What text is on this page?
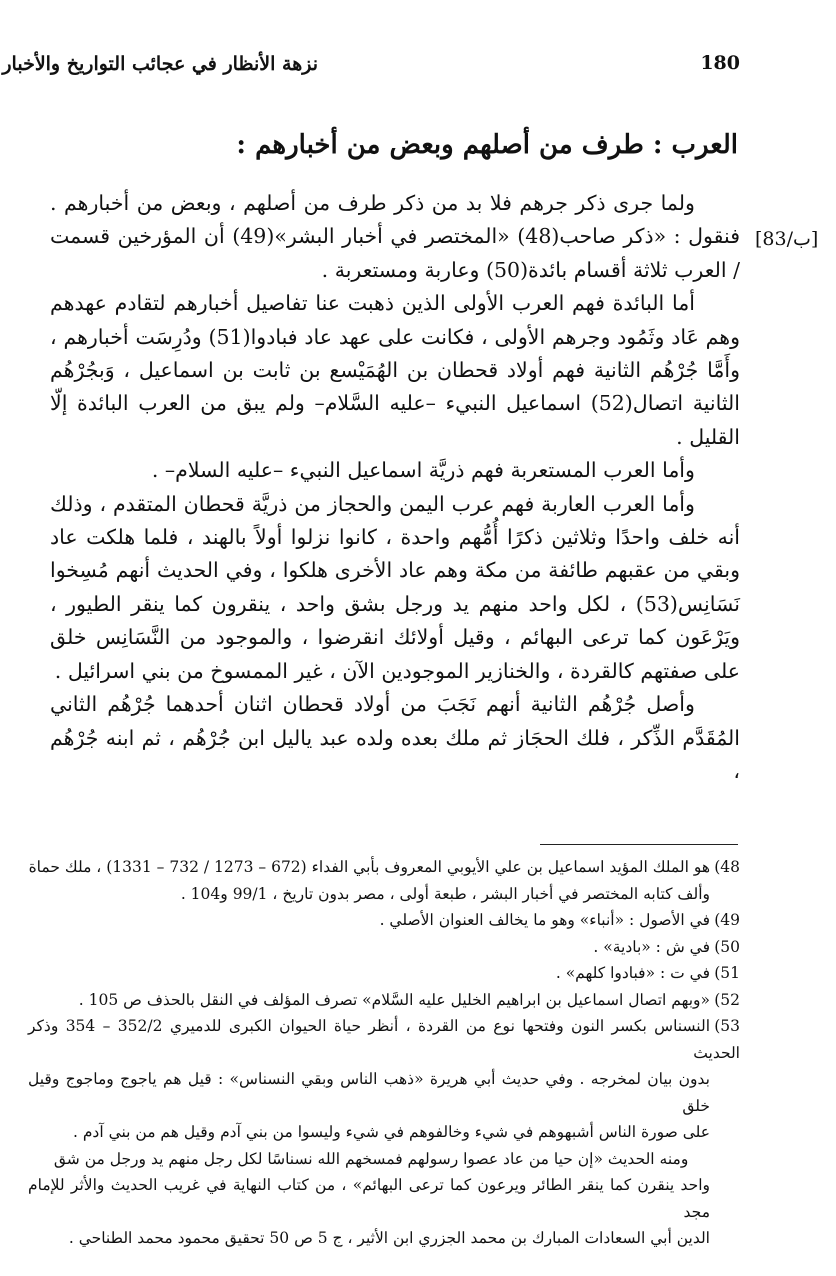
نزهة الأنظار في عجائب التواريخ والأخبار	180
العرب : طرف من أصلهم وبعض من أخبارهم :
[83/ب]

ولما جرى ذكر جرهم فلا بد من ذكر طرف من أصلهم ، وبعض من أخبارهم . فنقول : «ذكر صاحب(48) «المختصر في أخبار البشر»(49) أن المؤرخين قسمت / العرب ثلاثة أقسام بائدة(50) وعاربة ومستعربة .

أما البائدة فهم العرب الأولى الذين ذهبت عنا تفاصيل أخبارهم لتقادم عهدهم وهم عَاد وثَمُود وجرهم الأولى ، فكانت على عهد عاد فبادوا(51) ودُرِسَت أخبارهم ، وأَمَّا جُرْهُم الثانية فهم أولاد قحطان بن الهُمَيْسع بن ثابت بن اسماعيل ، وَبجُرْهُم الثانية اتصال(52) اسماعيل النبيء –عليه السَّلام– ولم يبق من العرب البائدة إلّا القليل .

وأما العرب المستعربة فهم ذريَّة اسماعيل النبيء –عليه السلام– .

وأما العرب العاربة فهم عرب اليمن والحجاز من ذريَّة قحطان المتقدم ، وذلك أنه خلف واحدًا وثلاثين ذكرًا أُمُّهم واحدة ، كانوا نزلوا أولاً بالهند ، فلما هلكت عاد وبقي من عقبهم طائفة من مكة وهم عاد الأخرى هلكوا ، وفي الحديث أنهم مُسِخوا نَسَانِس(53) ، لكل واحد منهم يد ورجل بشق واحد ، ينقرون كما ينقر الطيور ، ويَرْعَون كما ترعى البهائم ، وقيل أولائك انقرضوا ، والموجود من النَّسَانِس خلق على صفتهم كالقردة ، والخنازير الموجودين الآن ، غير الممسوخ من بني اسرائيل .

وأصل جُرْهُم الثانية أنهم نَجَبَ من أولاد قحطان اثنان أحدهما جُرْهُم الثاني المُقَدَّم الذِّكر ، فلك الحجَاز ثم ملك بعده ولده عبد ياليل ابن جُرْهُم ، ثم ابنه جُرْهُم ،

48)هو الملك المؤيد اسماعيل بن علي الأيوبي المعروف بأبي الفداء (672 – 1273 / 732 – 1331) ، ملك حماة

وألف كتابه المختصر في أخبار البشر ، طبعة أولى ، مصر بدون تاريخ ، 99/1 و104 .

49)في الأصول : «أنباء» وهو ما يخالف العنوان الأصلي .

50)في ش : «بادية» .

51)في ت : «فبادوا كلهم» .

52)«وبهم اتصال اسماعيل بن ابراهيم الخليل عليه السَّلام» تصرف المؤلف في النقل بالحذف ص 105 .

53)النسناس بكسر النون وفتحها نوع من القردة ، أنظر حياة الحيوان الكبرى للدميري 352/2 – 354 وذكر الحديث

بدون بيان لمخرجه . وفي حديث أبي هريرة «ذهب الناس وبقي النسناس» : قيل هم ياجوج وماجوج وقيل خلق

على صورة الناس أشبهوهم في شيء وخالفوهم في شيء وليسوا من بني آدم وقيل هم من بني آدم .

ومنه الحديث «إن حيا من عاد عصوا رسولهم فمسخهم الله نسناسًا لكل رجل منهم يد ورجل من شق

واحد ينقرن كما ينقر الطائر ويرعون كما ترعى البهائم» ، من كتاب النهاية في غريب الحديث والأثر للإمام مجد

الدين أبي السعادات المبارك بن محمد الجزري ابن الأثير ، ج 5 ص 50 تحقيق محمود محمد الطناحي .
